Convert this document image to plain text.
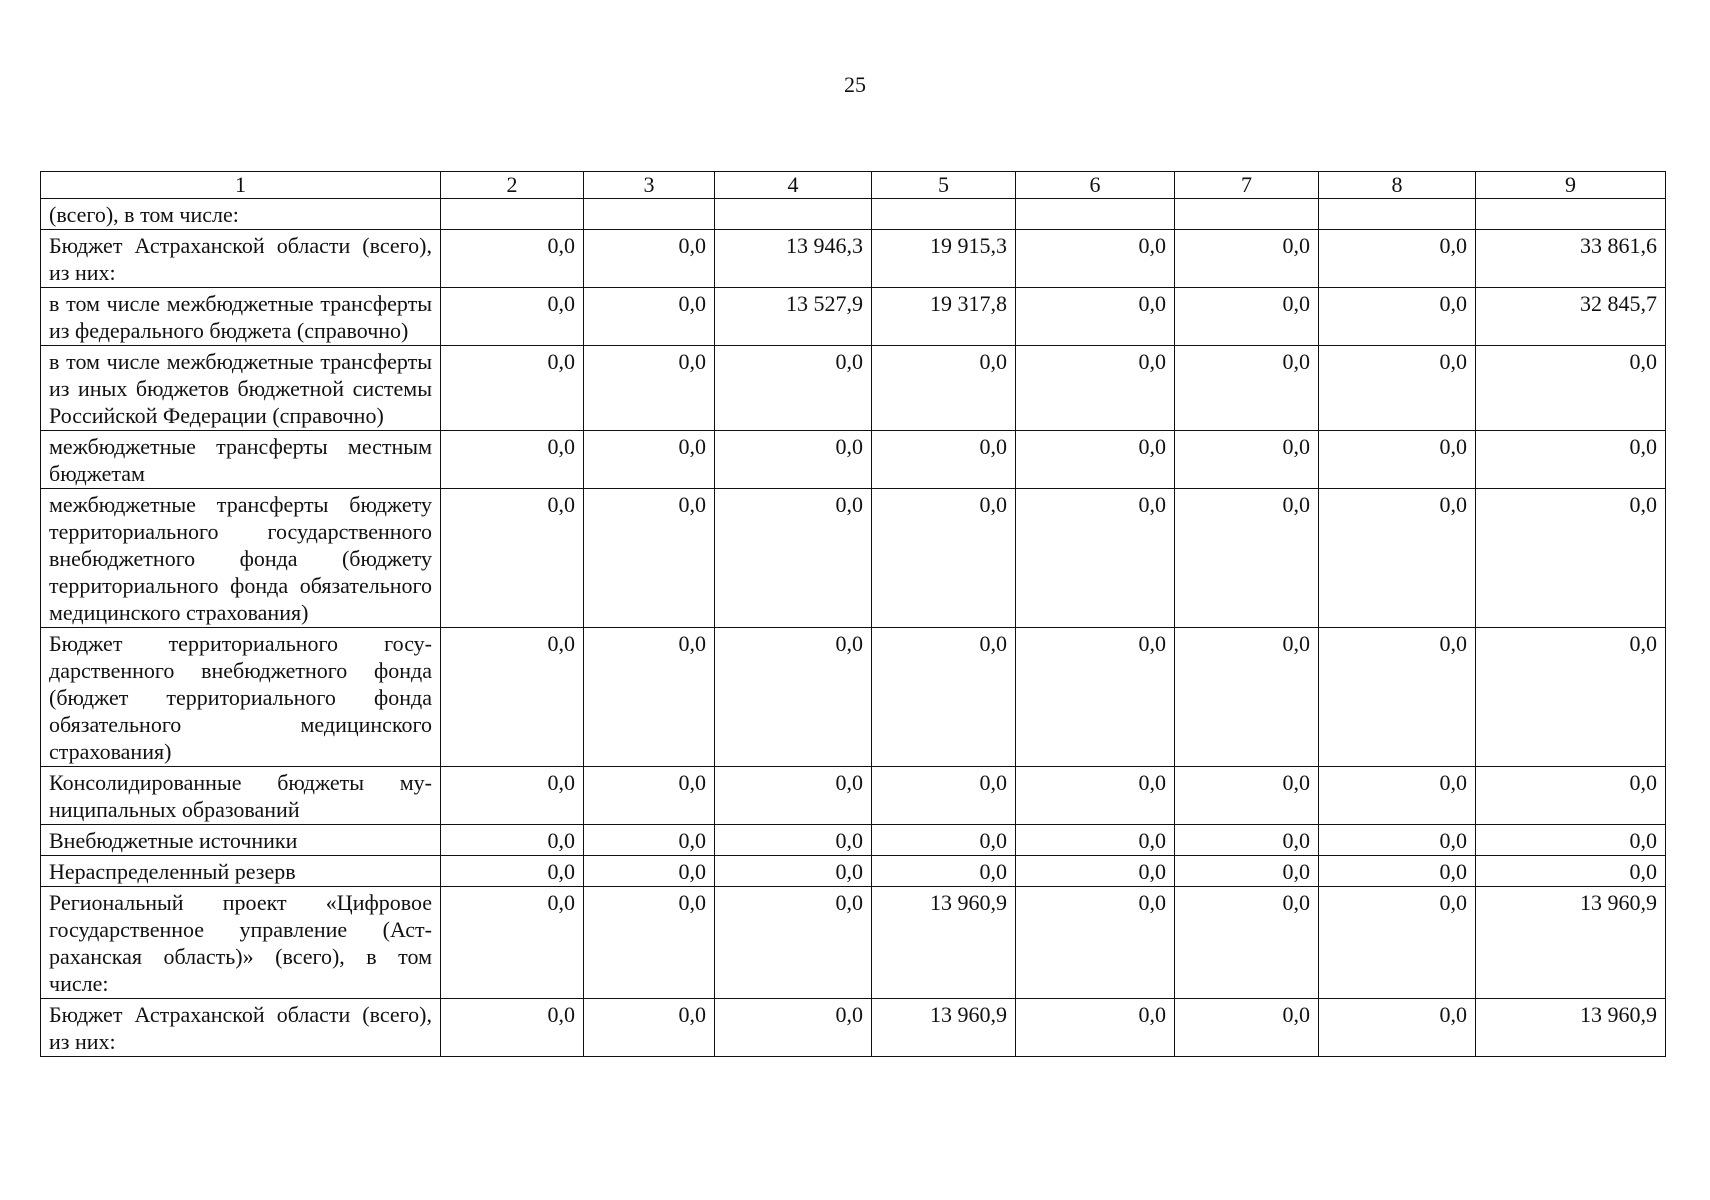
25
1	2	3	4	5	6	7	8	9
(всего), в том числе:								
Бюджет Астраханской области (всего), из них:	0,0	0,0	13 946,3	19 915,3	0,0	0,0	0,0	33 861,6
в том числе межбюджетные трансферты из федерального бюджета (справочно)	0,0	0,0	13 527,9	19 317,8	0,0	0,0	0,0	32 845,7
в том числе межбюджетные трансферты из иных бюджетов бюджетной системы Российской Федерации (справочно)	0,0	0,0	0,0	0,0	0,0	0,0	0,0	0,0
межбюджетные трансферты местным бюджетам	0,0	0,0	0,0	0,0	0,0	0,0	0,0	0,0
межбюджетные трансферты бюджету территориального государственного внебюджетного фонда (бюджету территориального фонда обязательного медицинского страхования)	0,0	0,0	0,0	0,0	0,0	0,0	0,0	0,0
Бюджет территориального государственного внебюджетного фонда (бюджет территориального фонда обязательного медицинского страхования)	0,0	0,0	0,0	0,0	0,0	0,0	0,0	0,0
Консолидированные бюджеты муниципальных образований	0,0	0,0	0,0	0,0	0,0	0,0	0,0	0,0
Внебюджетные источники	0,0	0,0	0,0	0,0	0,0	0,0	0,0	0,0
Нераспределенный резерв	0,0	0,0	0,0	0,0	0,0	0,0	0,0	0,0
Региональный проект «Цифровое государственное управление (Астраханская область)» (всего), в том числе:	0,0	0,0	0,0	13 960,9	0,0	0,0	0,0	13 960,9
Бюджет Астраханской области (всего), из них:	0,0	0,0	0,0	13 960,9	0,0	0,0	0,0	13 960,9
